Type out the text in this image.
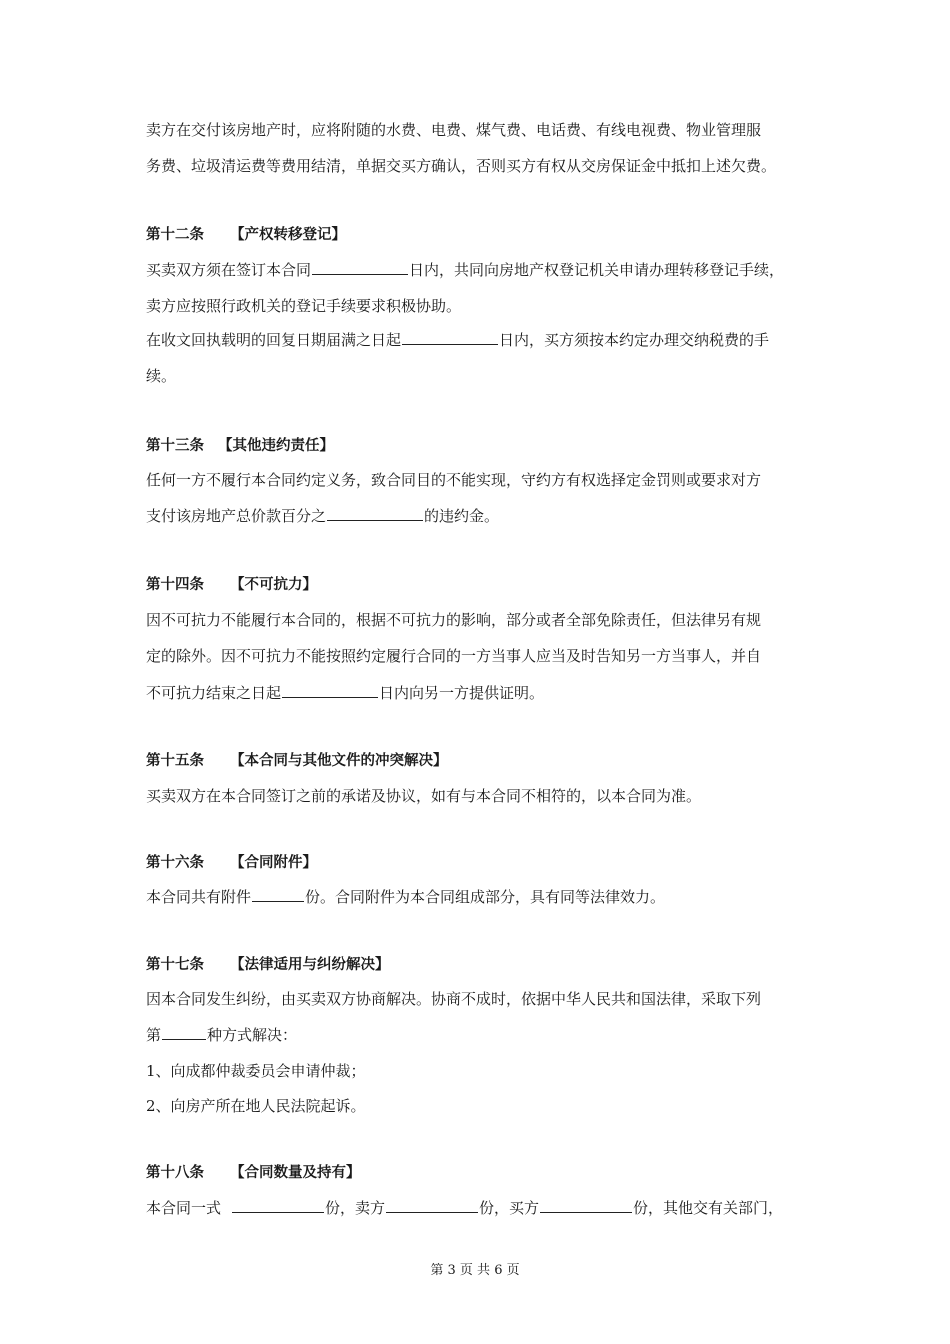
卖方在交付该房地产时，应将附随的水费、电费、煤气费、电话费、有线电视费、物业管理服
务费、垃圾清运费等费用结清，单据交买方确认，否则买方有权从交房保证金中抵扣上述欠费。
第十二条 【产权转移登记】
买卖双方须在签订本合同	日内，共同向房地产权登记机关申请办理转移登记手续，
卖方应按照行政机关的登记手续要求积极协助。
在收文回执载明的回复日期届满之日起	日内，买方须按本约定办理交纳税费的手
续。
第十三条 【其他违约责任】
任何一方不履行本合同约定义务，致合同目的不能实现，守约方有权选择定金罚则或要求对方
支付该房地产总价款百分之	的违约金。
第十四条 【不可抗力】
因不可抗力不能履行本合同的，根据不可抗力的影响，部分或者全部免除责任，但法律另有规
定的除外。因不可抗力不能按照约定履行合同的一方当事人应当及时告知另一方当事人，并自
不可抗力结束之日起	日内向另一方提供证明。
第十五条 【本合同与其他文件的冲突解决】
买卖双方在本合同签订之前的承诺及协议，如有与本合同不相符的，以本合同为准。
第十六条 【合同附件】
本合同共有附件	份。合同附件为本合同组成部分，具有同等法律效力。
第十七条 【法律适用与纠纷解决】
因本合同发生纠纷，由买卖双方协商解决。协商不成时，依据中华人民共和国法律，采取下列
第	种方式解决：
1、向成都仲裁委员会申请仲裁；
2、向房产所在地人民法院起诉。
第十八条 【合同数量及持有】
本合同一式	份，卖方	份，买方	份，其他交有关部门，
第 3 页 共 6 页
